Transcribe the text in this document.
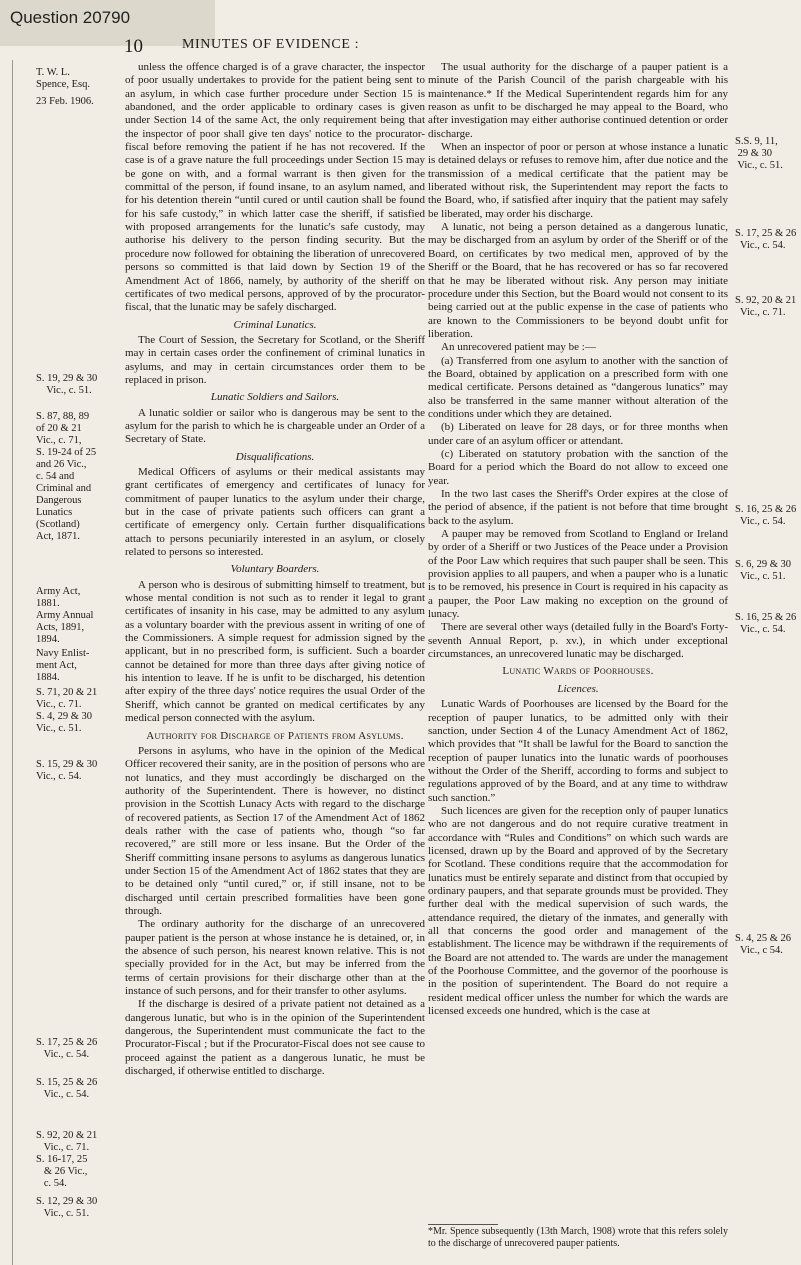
Question 20790
10	MINUTES OF EVIDENCE :
T. W. L.
Spence, Esq.
23 Feb. 1906.
S. 19, 29 & 30
Vic., c. 51.
S. 87, 88, 89
of 20 & 21
Vic., c. 71,
S. 19-24 of 25
and 26 Vic.,
c. 54 and
Criminal and
Dangerous
Lunatics
(Scotland)
Act, 1871.
Army Act,
1881.
Army Annual
Acts, 1891,
1894.
Navy Enlist-
ment Act,
1884.
S. 71, 20 & 21
Vic., c. 71.
S. 4, 29 & 30
Vic., c. 51.
S. 15, 29 & 30
Vic., c. 54.
S. 17, 25 & 26
Vic., c. 54.
S. 15, 25 & 26
Vic., c. 54.
S. 92, 20 & 21
Vic., c. 71.
S. 16-17, 25
& 26 Vic.,
c. 54.
S. 12, 29 & 30
Vic., c. 51.
S.S. 9, 11,
29 & 30
Vic., c. 51.
S. 17, 25 & 26
Vic., c. 54.
S. 92, 20 & 21
Vic., c. 71.
S. 16, 25 & 26
Vic., c. 54.
S. 6, 29 & 30
Vic., c. 51.
S. 16, 25 & 26
Vic., c. 54.
S. 4, 25 & 26
Vic., c 54.

unless the offence charged is of a grave character, the inspector of poor usually undertakes to provide for the patient being sent to an asylum, in which case further procedure under Section 15 is abandoned, and the order applicable to ordinary cases is given under Section 14 of the same Act, the only requirement being that the inspector of poor shall give ten days' notice to the procurator-fiscal before removing the patient if he has not recovered. If the case is of a grave nature the full proceedings under Section 15 may be gone on with, and a formal warrant is then given for the committal of the person, if found insane, to an asylum named, and for his detention therein “until cured or until caution shall be found for his safe custody,” in which latter case the sheriff, if satisfied with proposed arrangements for the lunatic's safe custody, may authorise his delivery to the person finding security. But the procedure now followed for obtaining the liberation of unrecovered persons so committed is that laid down by Section 19 of the Amendment Act of 1866, namely, by authority of the sheriff on certificates of two medical persons, approved of by the procurator-fiscal, that the lunatic may be safely discharged.

Criminal Lunatics.

The Court of Session, the Secretary for Scotland, or the Sheriff may in certain cases order the confinement of criminal lunatics in asylums, and may in certain circumstances order them to be replaced in prison.

Lunatic Soldiers and Sailors.

A lunatic soldier or sailor who is dangerous may be sent to the asylum for the parish to which he is chargeable under an Order of a Secretary of State.

Disqualifications.

Medical Officers of asylums or their medical assistants may grant certificates of emergency and certificates of lunacy for commitment of pauper lunatics to the asylum under their charge, but in the case of private patients such officers can grant a certificate of emergency only. Certain further disqualifications attach to persons pecuniarily interested in an asylum, or closely related to persons so interested.

Voluntary Boarders.

A person who is desirous of submitting himself to treatment, but whose mental condition is not such as to render it legal to grant certificates of insanity in his case, may be admitted to any asylum as a voluntary boarder with the previous assent in writing of one of the Commissioners. A simple request for admission signed by the applicant, but in no prescribed form, is sufficient. Such a boarder cannot be detained for more than three days after giving notice of his intention to leave. If he is unfit to be discharged, his detention after expiry of the three days' notice requires the usual Order of the Sheriff, which cannot be granted on medical certificates by any medical person connected with the asylum.

Authority for Discharge of Patients from Asylums.

Persons in asylums, who have in the opinion of the Medical Officer recovered their sanity, are in the position of persons who are not lunatics, and they must accordingly be discharged on the authority of the Superintendent. There is however, no distinct provision in the Scottish Lunacy Acts with regard to the discharge of recovered patients, as Section 17 of the Amendment Act of 1862 deals rather with the case of patients who, though “so far recovered,” are still more or less insane. But the Order of the Sheriff committing insane persons to asylums as dangerous lunatics under Section 15 of the Amendment Act of 1862 states that they are to be detained only “until cured,” or, if still insane, not to be discharged until certain prescribed formalities have been gone through.

The ordinary authority for the discharge of an unrecovered pauper patient is the person at whose instance he is detained, or, in the absence of such person, his nearest known relative. This is not specially provided for in the Act, but may be inferred from the terms of certain provisions for their discharge other than at the instance of such persons, and for their transfer to other asylums.

If the discharge is desired of a private patient not detained as a dangerous lunatic, but who is in the opinion of the Superintendent dangerous, the Superintendent must communicate the fact to the Procurator-Fiscal ; but if the Procurator-Fiscal does not see cause to proceed against the patient as a dangerous lunatic, he must be discharged, if otherwise entitled to discharge.

The usual authority for the discharge of a pauper patient is a minute of the Parish Council of the parish chargeable with his maintenance.* If the Medical Superintendent regards him for any reason as unfit to be discharged he may appeal to the Board, who after investigation may either authorise continued detention or order discharge.

When an inspector of poor or person at whose instance a lunatic is detained delays or refuses to remove him, after due notice and the transmission of a medical certificate that the patient may be liberated without risk, the Superintendent may report the facts to the Board, who, if satisfied after inquiry that the patient may safely be liberated, may order his discharge.

A lunatic, not being a person detained as a dangerous lunatic, may be discharged from an asylum by order of the Sheriff or of the Board, on certificates by two medical men, approved of by the Sheriff or the Board, that he has recovered or has so far recovered that he may be liberated without risk. Any person may initiate procedure under this Section, but the Board would not consent to its being carried out at the public expense in the case of patients who are known to the Commissioners to be beyond doubt unfit for liberation.

An unrecovered patient may be :—

(a) Transferred from one asylum to another with the sanction of the Board, obtained by application on a prescribed form with one medical certificate. Persons detained as “dangerous lunatics” may also be transferred in the same manner without alteration of the conditions under which they are detained.

(b) Liberated on leave for 28 days, or for three months when under care of an asylum officer or attendant.

(c) Liberated on statutory probation with the sanction of the Board for a period which the Board do not allow to exceed one year.

In the two last cases the Sheriff's Order expires at the close of the period of absence, if the patient is not before that time brought back to the asylum.

A pauper may be removed from Scotland to England or Ireland by order of a Sheriff or two Justices of the Peace under a Provision of the Poor Law which requires that such pauper shall be seen. This provision applies to all paupers, and when a pauper who is a lunatic is to be removed, his presence in Court is required in his capacity as a pauper, the Poor Law making no exception on the ground of lunacy.

There are several other ways (detailed fully in the Board's Forty-seventh Annual Report, p. xv.), in which under exceptional circumstances, an unrecovered lunatic may be discharged.

Lunatic Wards of Poorhouses.
Licences.

Lunatic Wards of Poorhouses are licensed by the Board for the reception of pauper lunatics, to be admitted only with their sanction, under Section 4 of the Lunacy Amendment Act of 1862, which provides that “It shall be lawful for the Board to sanction the reception of pauper lunatics into the lunatic wards of poorhouses without the Order of the Sheriff, according to forms and subject to regulations approved of by the Board, and at any time to withdraw such sanction.”

Such licences are given for the reception only of pauper lunatics who are not dangerous and do not require curative treatment in accordance with “Rules and Conditions” on which such wards are licensed, drawn up by the Board and approved of by the Secretary for Scotland. These conditions require that the accommodation for lunatics must be entirely separate and distinct from that occupied by ordinary paupers, and that separate grounds must be provided. They further deal with the medical supervision of such wards, the attendance required, the dietary of the inmates, and generally with all that concerns the good order and management of the establishment. The licence may be withdrawn if the requirements of the Board are not attended to. The wards are under the management of the Poorhouse Committee, and the governor of the poorhouse is in the position of superintendent. The Board do not require a resident medical officer unless the number for which the wards are licensed exceeds one hundred, which is the case at

*Mr. Spence subsequently (13th March, 1908) wrote that this refers solely to the discharge of unrecovered pauper patients.
